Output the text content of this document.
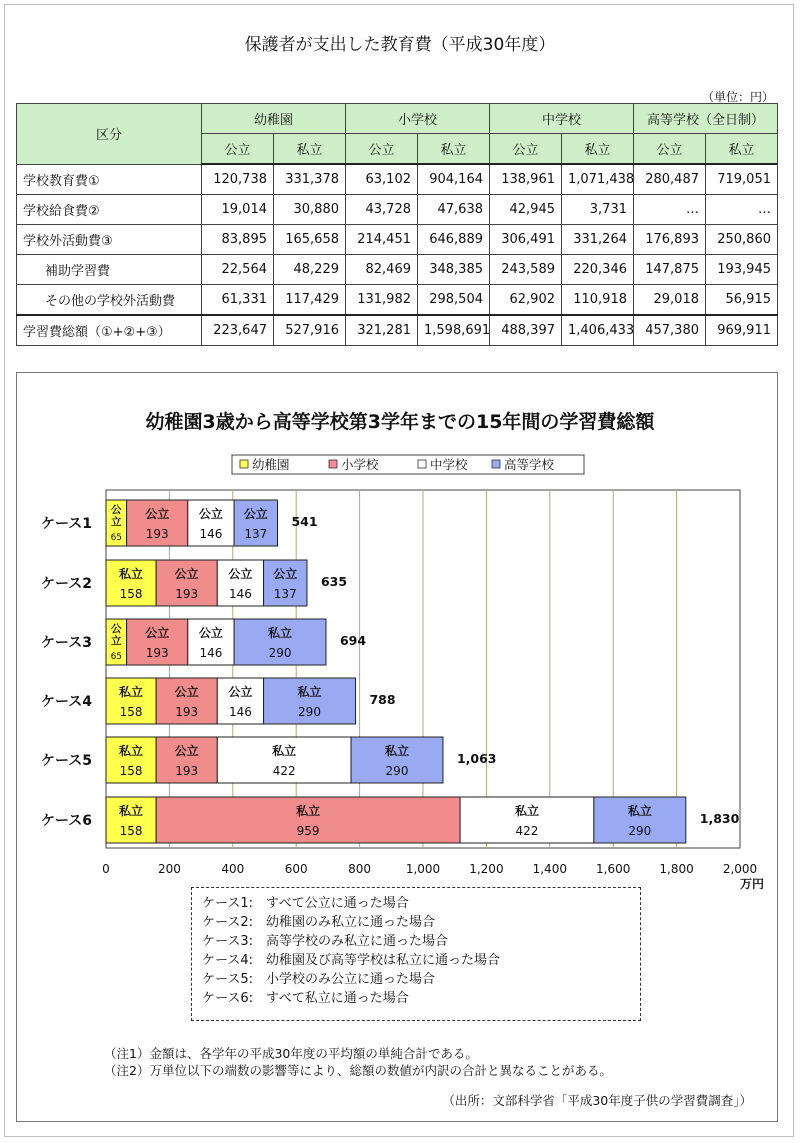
保護者が支出した教育費（平成30年度）
（単位：円）
区分	幼稚園		小学校		中学校		高等学校（全日制）	
	公立	私立	公立	私立	公立	私立	公立	私立
学校教育費①	120,738	331,378	63,102	904,164	138,961	1,071,438	280,487	719,051
学校給食費②	19,014	30,880	43,728	47,638	42,945	3,731	…	…
学校外活動費③	83,895	165,658	214,451	646,889	306,491	331,264	176,893	250,860
補助学習費	22,564	48,229	82,469	348,385	243,589	220,346	147,875	193,945
その他の学校外活動費	61,331	117,429	131,982	298,504	62,902	110,918	29,018	56,915
学習費総額（①+②+③）	223,647	527,916	321,281	1,598,691	488,397	1,406,433	457,380	969,911
幼稚園3歳から高等学校第3学年までの15年間の学習費総額
0	200	400	600	800	1,000 1,200 1,400 1,600 1,800 2,000
万円
幼稚園	小学校	中学校	高等学校
ケース1
公
立
65
公立
193
公立
146
公立
137
541
ケース2
私立
158
公立
193
公立
146
公立
137
635
ケース3
公
立
65
公立
193
公立
146
私立
290
694
ケース4
私立
158
公立
193
公立
146
私立
290
788
ケース5
私立
158
公立
193
私立
422
私立
290
1,063
ケース6
私立
158
私立
959
私立
422
私立
290
1,830
ケース1:　すべて公立に通った場合
ケース2:　幼稚園のみ私立に通った場合
ケース3:　高等学校のみ私立に通った場合
ケース4:　幼稚園及び高等学校は私立に通った場合
ケース5:　小学校のみ公立に通った場合
ケース6:　すべて私立に通った場合
（注1）金額は、各学年の平成30年度の平均額の単純合計である。
（注2）万単位以下の端数の影響等により、総額の数値が内訳の合計と異なることがある。
（出所：文部科学省「平成30年度子供の学習費調査」）
